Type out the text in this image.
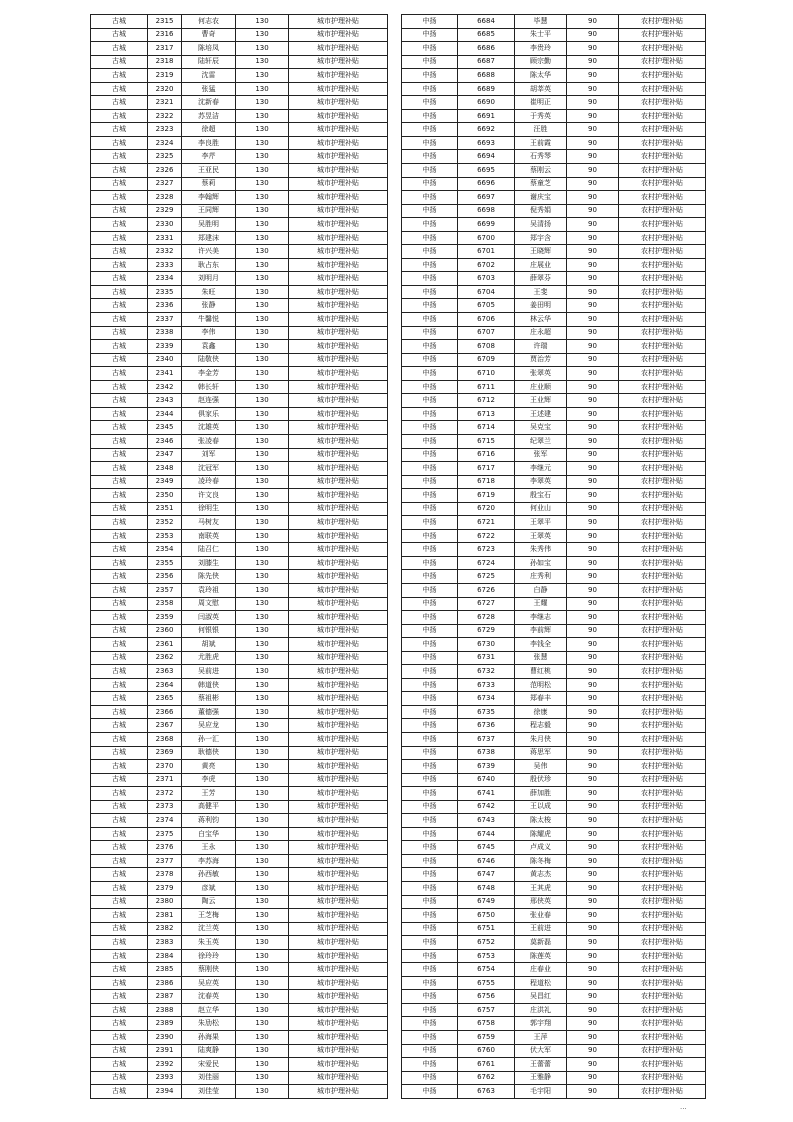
古城	2315	何志农	130	城市护理补贴
古城	2316	曹奇	130	城市护理补贴
古城	2317	陈培凤	130	城市护理补贴
古城	2318	陆轩辰	130	城市护理补贴
古城	2319	沈雷	130	城市护理补贴
古城	2320	张猛	130	城市护理补贴
古城	2321	沈新春	130	城市护理补贴
古城	2322	苏昱洁	130	城市护理补贴
古城	2323	徐超	130	城市护理补贴
古城	2324	李良胜	130	城市护理补贴
古城	2325	李芹	130	城市护理补贴
古城	2326	王亚民	130	城市护理补贴
古城	2327	蔡莉	130	城市护理补贴
古城	2328	李翰辉	130	城市护理补贴
古城	2329	王同辉	130	城市护理补贴
古城	2330	吴胜明	130	城市护理补贴
古城	2331	郑建沫	130	城市护理补贴
古城	2332	许兴美	130	城市护理补贴
古城	2333	耿占东	130	城市护理补贴
古城	2334	刘明月	130	城市护理补贴
古城	2335	朱旺	130	城市护理补贴
古城	2336	张静	130	城市护理补贴
古城	2337	牛馨悦	130	城市护理补贴
古城	2338	李伟	130	城市护理补贴
古城	2339	袁鑫	130	城市护理补贴
古城	2340	陆敬侠	130	城市护理补贴
古城	2341	李金芳	130	城市护理补贴
古城	2342	韩长轩	130	城市护理补贴
古城	2343	赵连强	130	城市护理补贴
古城	2344	俱家乐	130	城市护理补贴
古城	2345	沈雄英	130	城市护理补贴
古城	2346	张凌春	130	城市护理补贴
古城	2347	刘军	130	城市护理补贴
古城	2348	沈冠军	130	城市护理补贴
古城	2349	凌玲春	130	城市护理补贴
古城	2350	许文良	130	城市护理补贴
古城	2351	徐明生	130	城市护理补贴
古城	2352	马树友	130	城市护理补贴
古城	2353	南联英	130	城市护理补贴
古城	2354	陆召仁	130	城市护理补贴
古城	2355	刘膝生	130	城市护理补贴
古城	2356	陈先侠	130	城市护理补贴
古城	2357	袁玲祖	130	城市护理补贴
古城	2358	周文慰	130	城市护理补贴
古城	2359	闫淑英	130	城市护理补贴
古城	2360	何银银	130	城市护理补贴
古城	2361	胡斌	130	城市护理补贴
古城	2362	尤胜虎	130	城市护理补贴
古城	2363	吴前进	130	城市护理补贴
古城	2364	韩道侠	130	城市护理补贴
古城	2365	蔡祖彬	130	城市护理补贴
古城	2366	董德强	130	城市护理补贴
古城	2367	吴应龙	130	城市护理补贴
古城	2368	孙一汇	130	城市护理补贴
古城	2369	耿德侠	130	城市护理补贴
古城	2370	黄亮	130	城市护理补贴
古城	2371	李虎	130	城市护理补贴
古城	2372	王芳	130	城市护理补贴
古城	2373	高健平	130	城市护理补贴
古城	2374	蒋利钧	130	城市护理补贴
古城	2375	白宝华	130	城市护理补贴
古城	2376	王永	130	城市护理补贴
古城	2377	李苏海	130	城市护理补贴
古城	2378	孙西敏	130	城市护理补贴
古城	2379	彦斌	130	城市护理补贴
古城	2380	陶云	130	城市护理补贴
古城	2381	王芝梅	130	城市护理补贴
古城	2382	沈兰英	130	城市护理补贴
古城	2383	朱玉英	130	城市护理补贴
古城	2384	徐玲玲	130	城市护理补贴
古城	2385	蔡刚侠	130	城市护理补贴
古城	2386	吴应英	130	城市护理补贴
古城	2387	沈春英	130	城市护理补贴
古城	2388	赵立华	130	城市护理补贴
古城	2389	朱劢松	130	城市护理补贴
古城	2390	孙海果	130	城市护理补贴
古城	2391	陆爽静	130	城市护理补贴
古城	2392	宋爱民	130	城市护理补贴
古城	2393	刘佳丽	130	城市护理补贴
古城	2394	刘佳莹	130	城市护理补贴
中扬	6684	毕慧	90	农村护理补贴
中扬	6685	朱士平	90	农村护理补贴
中扬	6686	李贵玲	90	农村护理补贴
中扬	6687	顾宗勤	90	农村护理补贴
中扬	6688	陈太华	90	农村护理补贴
中扬	6689	胡莘英	90	农村护理补贴
中扬	6690	崔明正	90	农村护理补贴
中扬	6691	于秀英	90	农村护理补贴
中扬	6692	汪胜	90	农村护理补贴
中扬	6693	王前霞	90	农村护理补贴
中扬	6694	石秀琴	90	农村护理补贴
中扬	6695	蔡刚云	90	农村护理补贴
中扬	6696	蔡童芝	90	农村护理补贴
中扬	6697	谢庆宝	90	农村护理补贴
中扬	6698	倪秀娟	90	农村护理补贴
中扬	6699	吴清扬	90	农村护理补贴
中扬	6700	郑宇含	90	农村护理补贴
中扬	6701	王晓辉	90	农村护理补贴
中扬	6702	庄展业	90	农村护理补贴
中扬	6703	薛翠芬	90	农村护理补贴
中扬	6704	王斐	90	农村护理补贴
中扬	6705	姜田明	90	农村护理补贴
中扬	6706	林云华	90	农村护理补贴
中扬	6707	庄永超	90	农村护理补贴
中扬	6708	许瑞	90	农村护理补贴
中扬	6709	贾治芳	90	农村护理补贴
中扬	6710	张翠英	90	农村护理补贴
中扬	6711	庄业顺	90	农村护理补贴
中扬	6712	王业辉	90	农村护理补贴
中扬	6713	王述建	90	农村护理补贴
中扬	6714	吴克宝	90	农村护理补贴
中扬	6715	纪翠兰	90	农村护理补贴
中扬	6716	张军	90	农村护理补贴
中扬	6717	李继元	90	农村护理补贴
中扬	6718	李翠英	90	农村护理补贴
中扬	6719	殷宝石	90	农村护理补贴
中扬	6720	何业山	90	农村护理补贴
中扬	6721	王翠平	90	农村护理补贴
中扬	6722	王翠英	90	农村护理补贴
中扬	6723	朱秀伟	90	农村护理补贴
中扬	6724	孙如宝	90	农村护理补贴
中扬	6725	庄秀利	90	农村护理补贴
中扬	6726	白静	90	农村护理补贴
中扬	6727	王耀	90	农村护理补贴
中扬	6728	李继志	90	农村护理补贴
中扬	6729	李前辉	90	农村护理补贴
中扬	6730	李钱全	90	农村护理补贴
中扬	6731	张慧	90	农村护理补贴
中扬	6732	曹红桃	90	农村护理补贴
中扬	6733	范明松	90	农村护理补贴
中扬	6734	郑春丰	90	农村护理补贴
中扬	6735	徐康	90	农村护理补贴
中扬	6736	程志毅	90	农村护理补贴
中扬	6737	朱月侠	90	农村护理补贴
中扬	6738	蒋思军	90	农村护理补贴
中扬	6739	吴伟	90	农村护理补贴
中扬	6740	殷伏珍	90	农村护理补贴
中扬	6741	薛加胜	90	农村护理补贴
中扬	6742	王以成	90	农村护理补贴
中扬	6743	陈太梭	90	农村护理补贴
中扬	6744	陈耀虎	90	农村护理补贴
中扬	6745	卢成义	90	农村护理补贴
中扬	6746	陈冬梅	90	农村护理补贴
中扬	6747	黄志杰	90	农村护理补贴
中扬	6748	王其虎	90	农村护理补贴
中扬	6749	邢侠英	90	农村护理补贴
中扬	6750	张业春	90	农村护理补贴
中扬	6751	王前进	90	农村护理补贴
中扬	6752	莫新磊	90	农村护理补贴
中扬	6753	陈莲英	90	农村护理补贴
中扬	6754	庄春业	90	农村护理补贴
中扬	6755	程道松	90	农村护理补贴
中扬	6756	吴昌红	90	农村护理补贴
中扬	6757	庄洪礼	90	农村护理补贴
中扬	6758	郭宇翔	90	农村护理补贴
中扬	6759	王萍	90	农村护理补贴
中扬	6760	伏大军	90	农村护理补贴
中扬	6761	王蕾蕾	90	农村护理补贴
中扬	6762	王雅静	90	农村护理补贴
中扬	6763	毛宇阳	90	农村护理补贴
...
